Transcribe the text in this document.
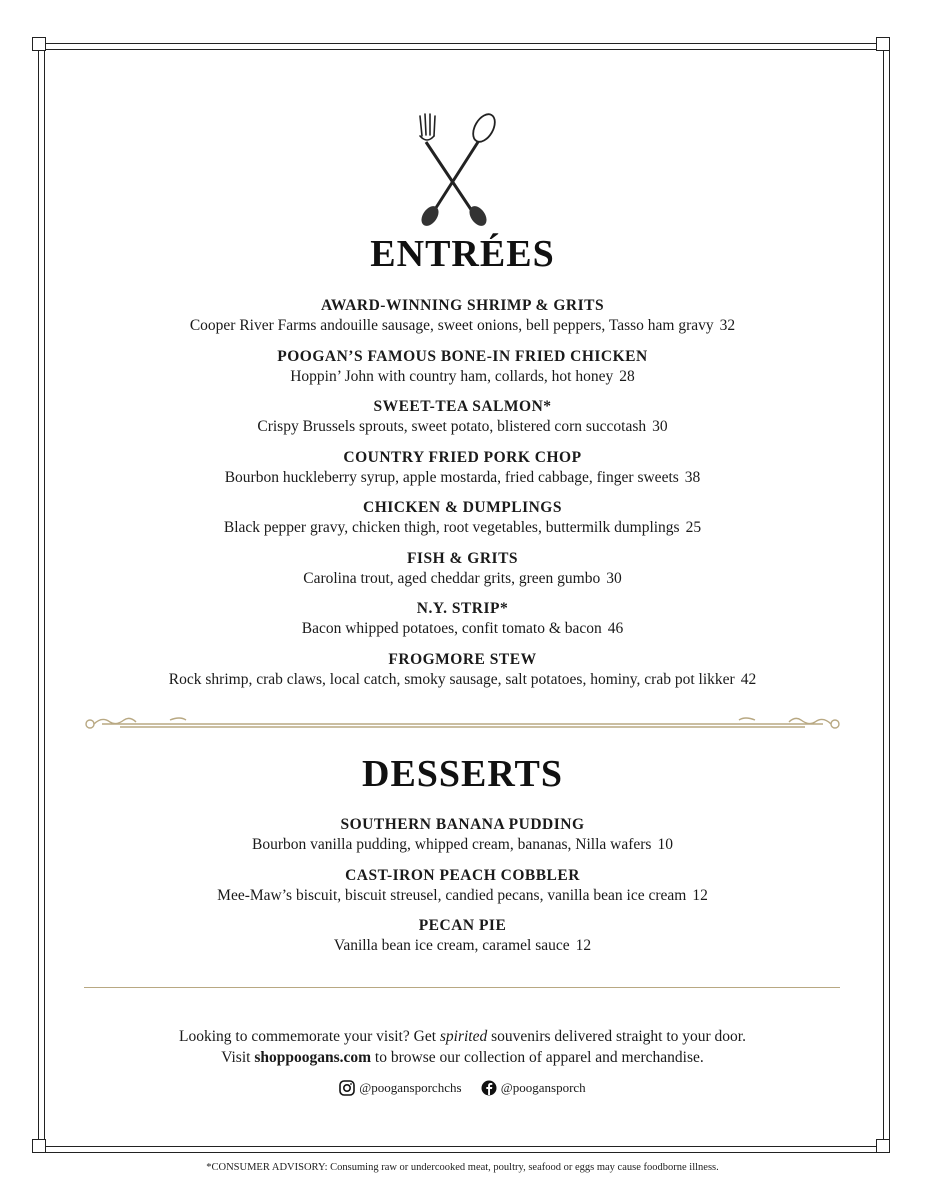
ENTRÉES
AWARD-WINNING SHRIMP & GRITS
Cooper River Farms andouille sausage, sweet onions, bell peppers, Tasso ham gravy 32
POOGAN’S FAMOUS BONE-IN FRIED CHICKEN
Hoppin’ John with country ham, collards, hot honey 28
SWEET-TEA SALMON*
Crispy Brussels sprouts, sweet potato, blistered corn succotash 30
COUNTRY FRIED PORK CHOP
Bourbon huckleberry syrup, apple mostarda, fried cabbage, finger sweets 38
CHICKEN & DUMPLINGS
Black pepper gravy, chicken thigh, root vegetables, buttermilk dumplings 25
FISH & GRITS
Carolina trout, aged cheddar grits, green gumbo 30
N.Y. STRIP*
Bacon whipped potatoes, confit tomato & bacon 46
FROGMORE STEW
Rock shrimp, crab claws, local catch, smoky sausage, salt potatoes, hominy, crab pot likker 42
DESSERTS
SOUTHERN BANANA PUDDING
Bourbon vanilla pudding, whipped cream, bananas, Nilla wafers 10
CAST-IRON PEACH COBBLER
Mee-Maw’s biscuit, biscuit streusel, candied pecans, vanilla bean ice cream 12
PECAN PIE
Vanilla bean ice cream, caramel sauce 12
Looking to commemorate your visit? Get spirited souvenirs delivered straight to your door.
Visit shoppoogans.com to browse our collection of apparel and merchandise.
@poogansporchchs
	@poogansporch
*CONSUMER ADVISORY: Consuming raw or undercooked meat, poultry, seafood or eggs may cause foodborne illness.
